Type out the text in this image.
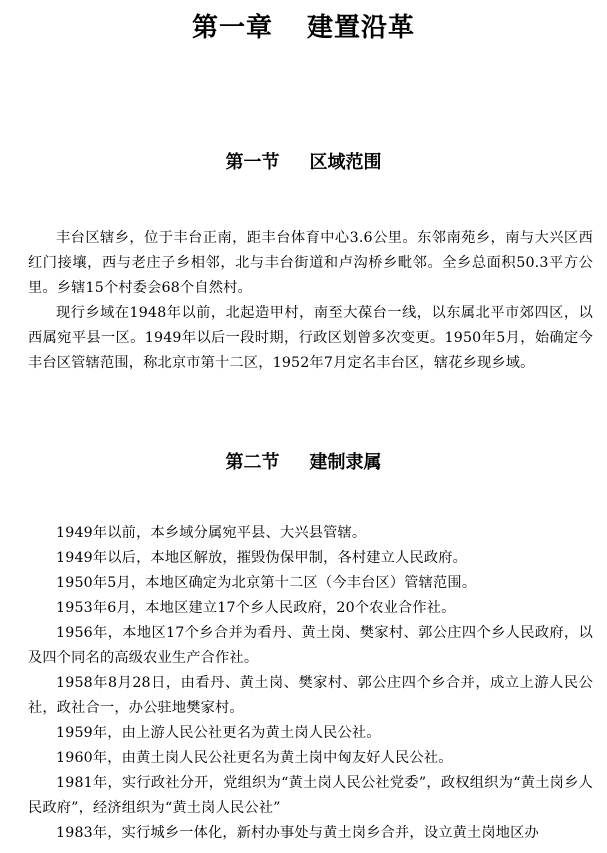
第一章 建置沿革
第一节 区域范围

丰台区辖乡，位于丰台正南，距丰台体育中心3.6公里。东邻南苑乡，南与大兴区西红门接壤，西与老庄子乡相邻，北与丰台街道和卢沟桥乡毗邻。全乡总面积50.3平方公里。乡辖15个村委会68个自然村。

现行乡域在1948年以前，北起造甲村，南至大葆台一线，以东属北平市郊四区，以西属宛平县一区。1949年以后一段时期，行政区划曾多次变更。1950年5月，始确定今丰台区管辖范围，称北京市第十二区，1952年7月定名丰台区，辖花乡现乡域。

第二节 建制隶属

1949年以前，本乡域分属宛平县、大兴县管辖。

1949年以后，本地区解放，摧毁伪保甲制，各村建立人民政府。

1950年5月，本地区确定为北京第十二区（今丰台区）管辖范围。

1953年6月，本地区建立17个乡人民政府，20个农业合作社。

1956年，本地区17个乡合并为看丹、黄土岗、樊家村、郭公庄四个乡人民政府，以及四个同名的高级农业生产合作社。

1958年8月28日，由看丹、黄土岗、樊家村、郭公庄四个乡合并，成立上游人民公社，政社合一，办公驻地樊家村。

1959年，由上游人民公社更名为黄土岗人民公社。

1960年，由黄土岗人民公社更名为黄土岗中匈友好人民公社。

1981年，实行政社分开，党组织为“黄土岗人民公社党委”，政权组织为“黄土岗乡人民政府”，经济组织为“黄土岗人民公社”

1983年，实行城乡一体化，新村办事处与黄土岗乡合并，设立黄土岗地区办
